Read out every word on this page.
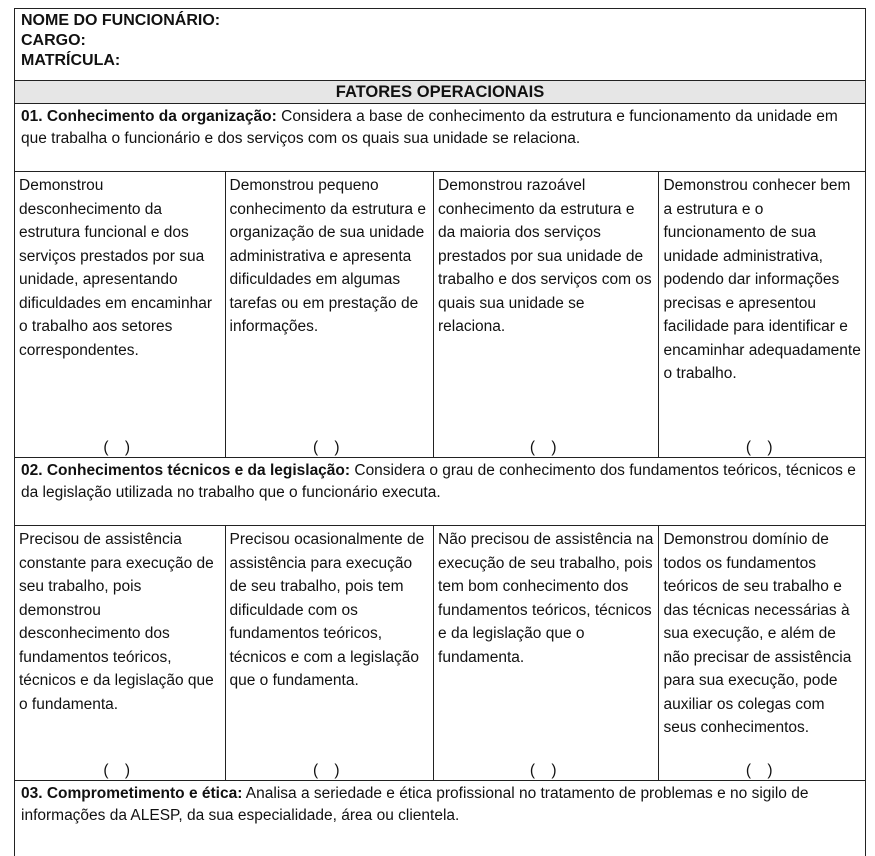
NOME DO FUNCIONÁRIO:
CARGO:
MATRÍCULA:
FATORES OPERACIONAIS
01. Conhecimento da organização: Considera a base de conhecimento da estrutura e funcionamento da unidade em que trabalha o funcionário e dos serviços com os quais sua unidade se relaciona.
Demonstrou desconhecimento da estrutura funcional e dos serviços prestados por sua unidade, apresentando dificuldades em encaminhar o trabalho aos setores correspondentes.
( )
Demonstrou pequeno conhecimento da estrutura e organização de sua unidade administrativa e apresenta dificuldades em algumas tarefas ou em prestação de informações.
( )
Demonstrou razoável conhecimento da estrutura e da maioria dos serviços prestados por sua unidade de trabalho e dos serviços com os quais sua unidade se relaciona.
( )
Demonstrou conhecer bem a estrutura e o funcionamento de sua unidade administrativa, podendo dar informações precisas e apresentou facilidade para identificar e encaminhar adequadamente o trabalho.
( )
02. Conhecimentos técnicos e da legislação: Considera o grau de conhecimento dos fundamentos teóricos, técnicos e da legislação utilizada no trabalho que o funcionário executa.
Precisou de assistência constante para execução de seu trabalho, pois demonstrou desconhecimento dos fundamentos teóricos, técnicos e da legislação que o fundamenta.
( )
Precisou ocasionalmente de assistência para execução de seu trabalho, pois tem dificuldade com os fundamentos teóricos, técnicos e com a legislação que o fundamenta.
( )
Não precisou de assistência na execução de seu trabalho, pois tem bom conhecimento dos fundamentos teóricos, técnicos e da legislação que o fundamenta.
( )
Demonstrou domínio de todos os fundamentos teóricos de seu trabalho e das técnicas necessárias à sua execução, e além de não precisar de assistência para sua execução, pode auxiliar os colegas com seus conhecimentos.
( )
03. Comprometimento e ética: Analisa a seriedade e ética profissional no tratamento de problemas e no sigilo de informações da ALESP, da sua especialidade, área ou clientela.
